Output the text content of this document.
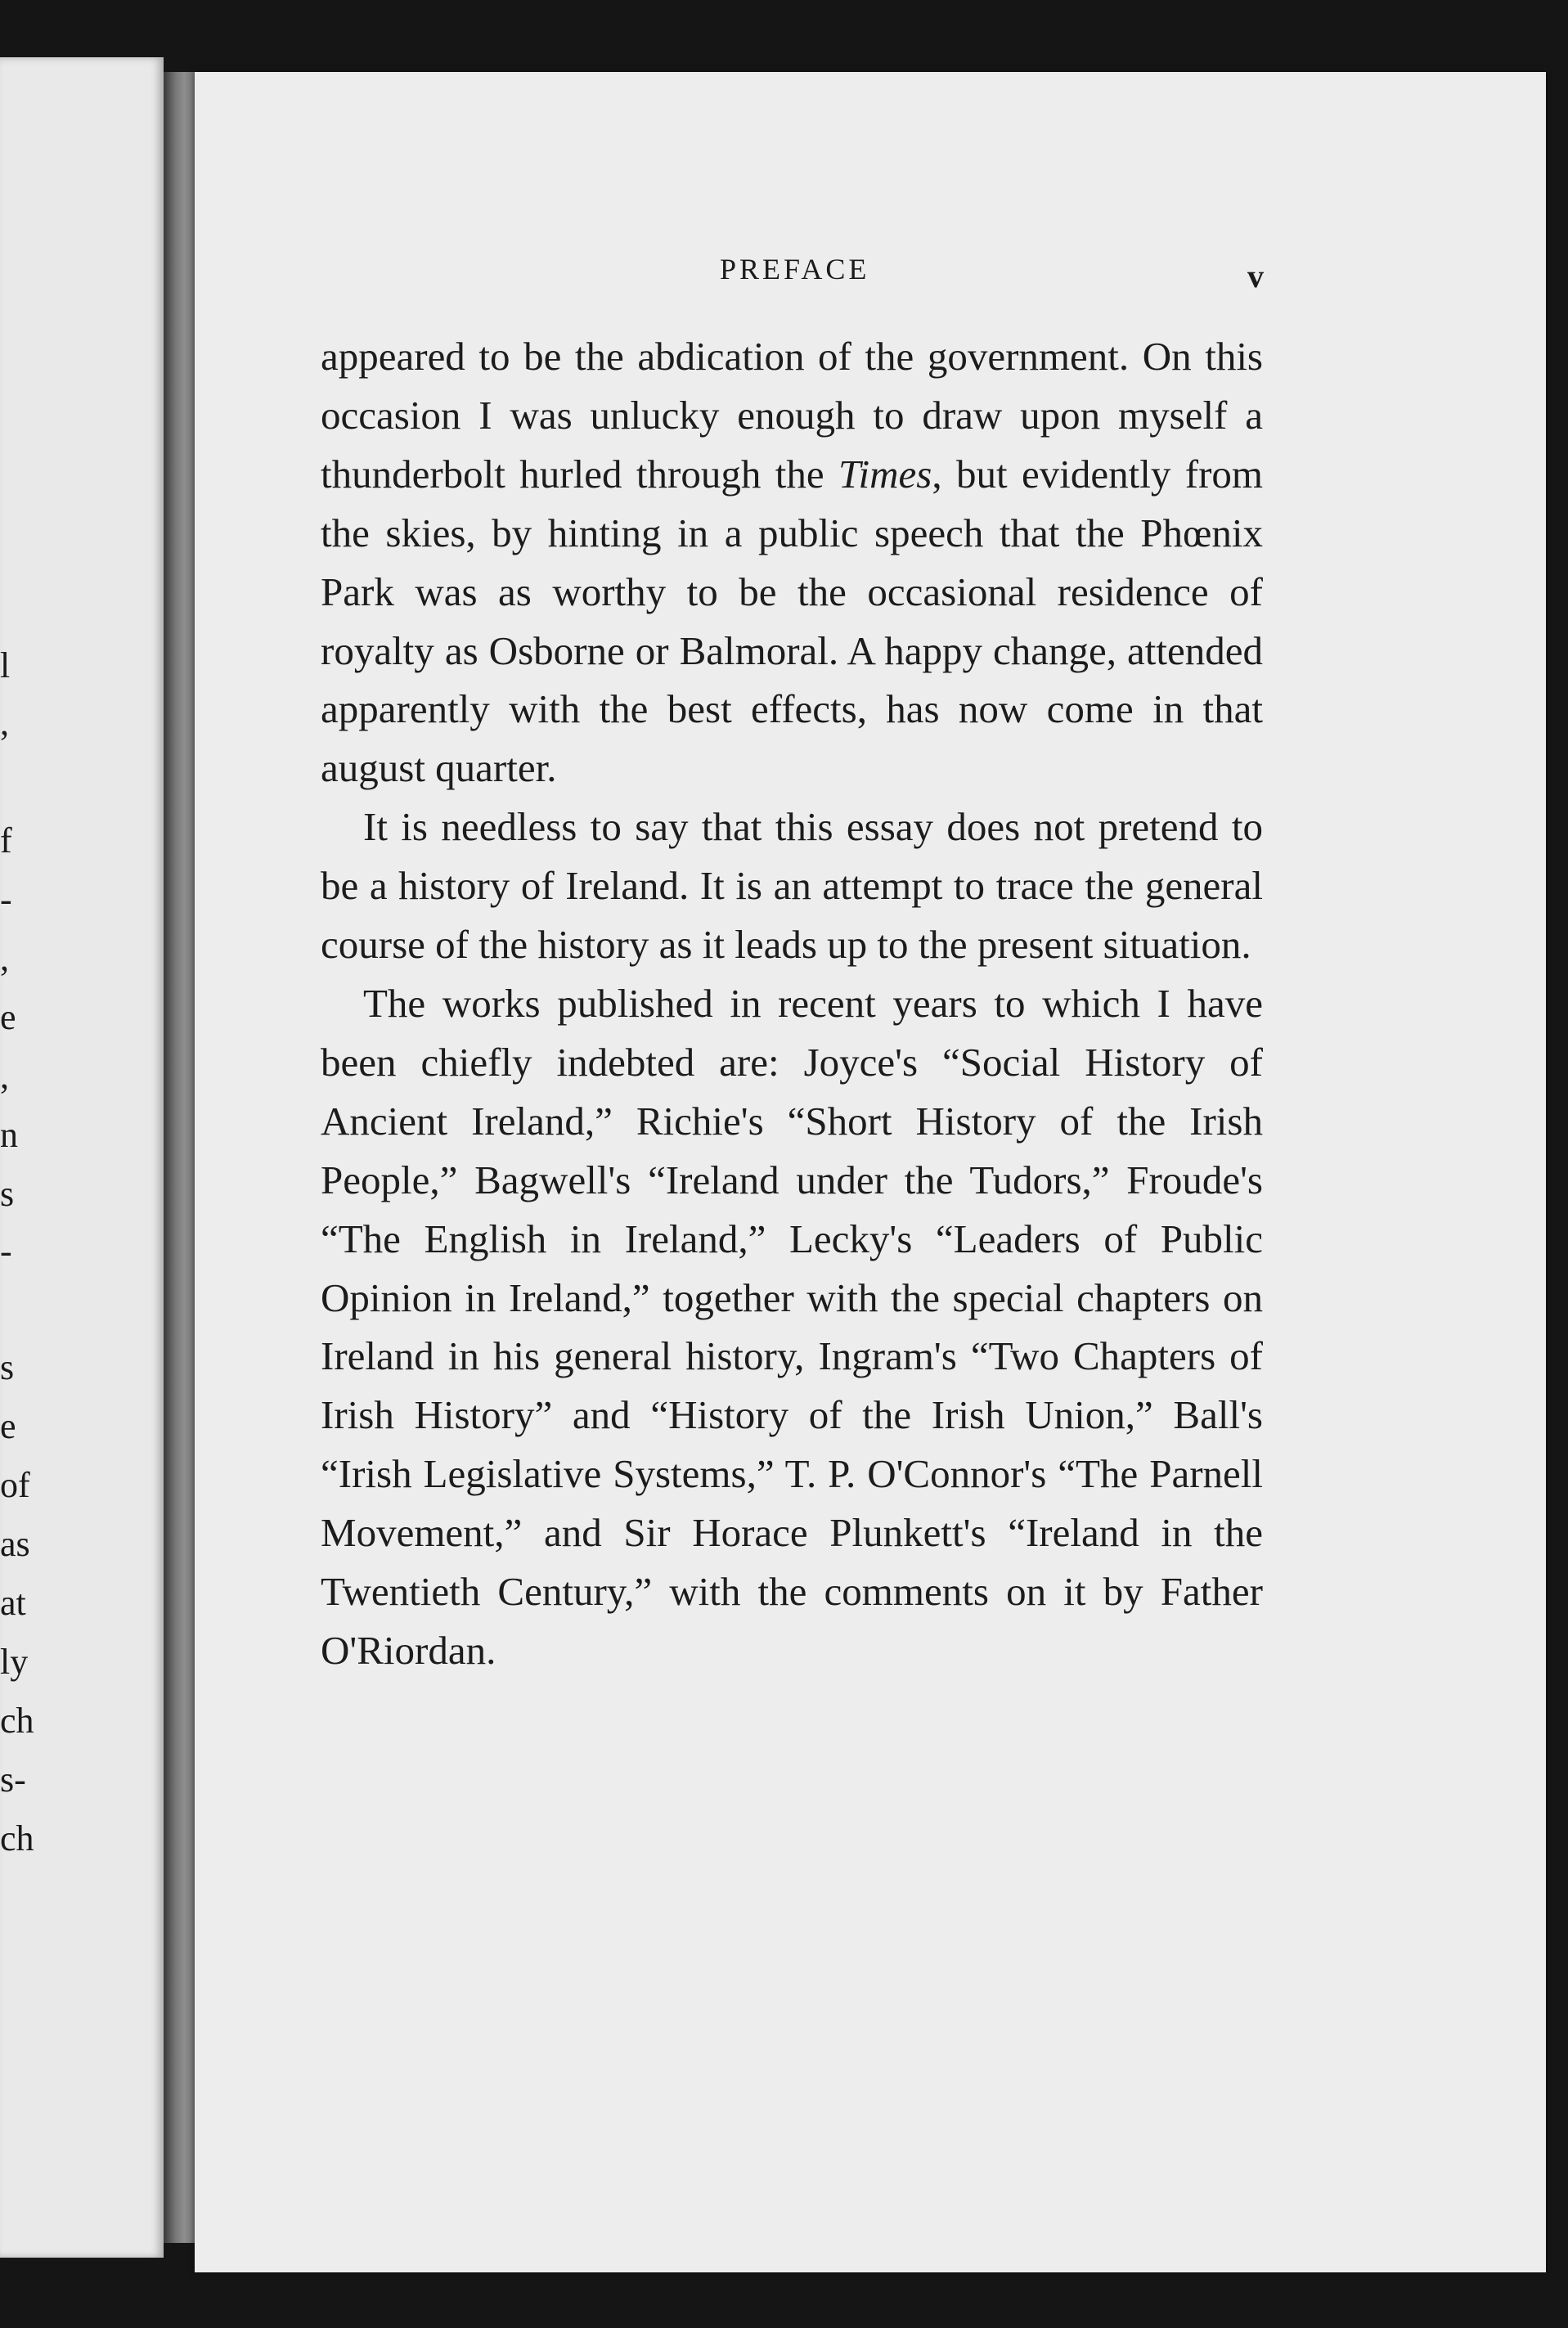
l
,
f
-
,
e
,
n
s
-
s
e
of
as
at
ly
ch
s-
ch
PREFACE	v

appeared to be the abdication of the government. On this occasion I was unlucky enough to draw upon myself a thunderbolt hurled through the Times, but evidently from the skies, by hinting in a public speech that the Phœnix Park was as worthy to be the occasional residence of royalty as Osborne or Balmoral. A happy change, attended apparently with the best effects, has now come in that august quarter.

It is needless to say that this essay does not pretend to be a history of Ireland. It is an attempt to trace the general course of the history as it leads up to the present situation.

The works published in recent years to which I have been chiefly indebted are: Joyce's “Social History of Ancient Ireland,” Richie's “Short History of the Irish People,” Bagwell's “Ireland under the Tudors,” Froude's “The English in Ireland,” Lecky's “Leaders of Public Opinion in Ireland,” together with the special chapters on Ireland in his general history, Ingram's “Two Chapters of Irish History” and “History of the Irish Union,” Ball's “Irish Legislative Systems,” T. P. O'Connor's “The Parnell Movement,” and Sir Horace Plunkett's “Ireland in the Twentieth Century,” with the comments on it by Father O'Riordan.
